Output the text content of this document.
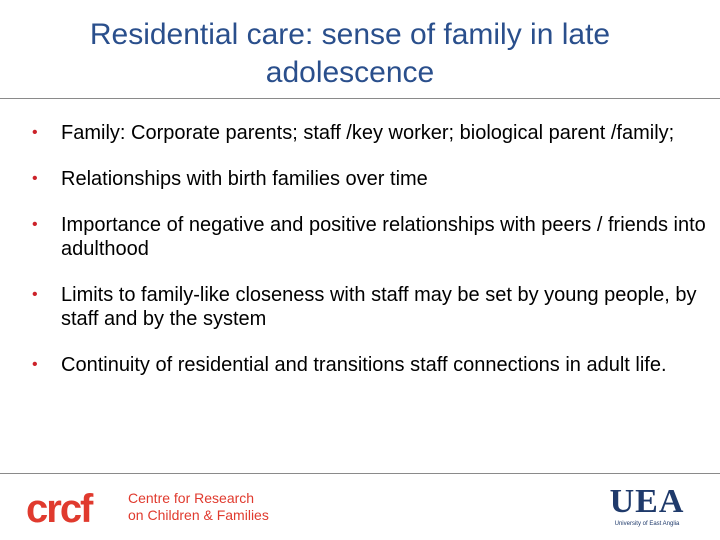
Residential care: sense of family in late adolescence
• Family: Corporate parents; staff /key worker; biological parent /family;
• Relationships with birth families over time
• Importance of negative and positive relationships with peers / friends into adulthood
• Limits to family-like closeness with staff may be set by young people, by staff and by the system
• Continuity of residential and transitions staff connections in adult life.
crcf	Centre for Research
on Children & Families	UEA
University of East Anglia
